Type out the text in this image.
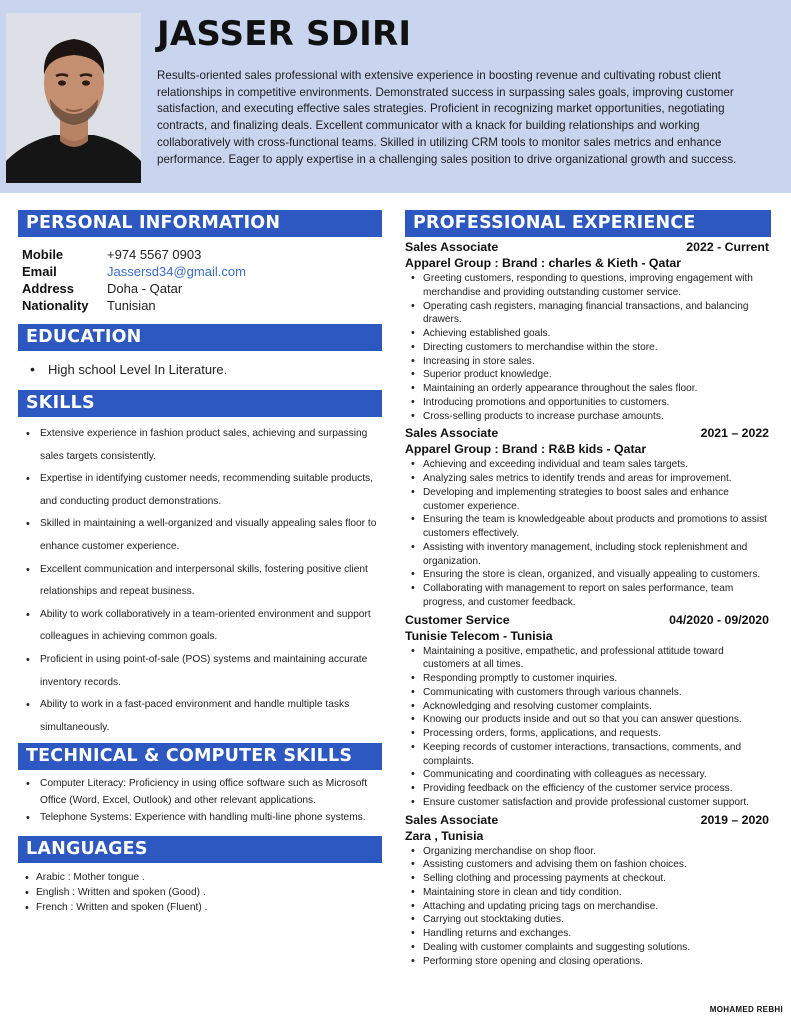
JASSER SDIRI
Results-oriented sales professional with extensive experience in boosting revenue and cultivating robust client relationships in competitive environments. Demonstrated success in surpassing sales goals, improving customer satisfaction, and executing effective sales strategies. Proficient in recognizing market opportunities, negotiating contracts, and finalizing deals. Excellent communicator with a knack for building relationships and working collaboratively with cross-functional teams. Skilled in utilizing CRM tools to monitor sales metrics and enhance performance. Eager to apply expertise in a challenging sales position to drive organizational growth and success.
PERSONAL INFORMATION
Mobile	+974 5567 0903
Email	Jassersd34@gmail.com
Address	Doha - Qatar
Nationality	Tunisian
EDUCATION
• High school Level In Literature.
SKILLS
• Extensive experience in fashion product sales, achieving and surpassing sales targets consistently.
• Expertise in identifying customer needs, recommending suitable products, and conducting product demonstrations.
• Skilled in maintaining a well-organized and visually appealing sales floor to enhance customer experience.
• Excellent communication and interpersonal skills, fostering positive client relationships and repeat business.
• Ability to work collaboratively in a team-oriented environment and support colleagues in achieving common goals.
• Proficient in using point-of-sale (POS) systems and maintaining accurate inventory records.
• Ability to work in a fast-paced environment and handle multiple tasks simultaneously.
TECHNICAL & COMPUTER SKILLS
• Computer Literacy: Proficiency in using office software such as Microsoft Office (Word, Excel, Outlook) and other relevant applications.
• Telephone Systems: Experience with handling multi-line phone systems.
LANGUAGES
• Arabic : Mother tongue .
• English : Written and spoken (Good) .
• French : Written and spoken (Fluent) .
PROFESSIONAL EXPERIENCE
Sales Associate	2022 - Current
Apparel Group : Brand : charles & Kieth - Qatar
• Greeting customers, responding to questions, improving engagement with merchandise and providing outstanding customer service.
• Operating cash registers, managing financial transactions, and balancing drawers.
• Achieving established goals.
• Directing customers to merchandise within the store.
• Increasing in store sales.
• Superior product knowledge.
• Maintaining an orderly appearance throughout the sales floor.
• Introducing promotions and opportunities to customers.
• Cross-selling products to increase purchase amounts.
Sales Associate	2021 – 2022
Apparel Group : Brand : R&B kids - Qatar
• Achieving and exceeding individual and team sales targets.
• Analyzing sales metrics to identify trends and areas for improvement.
• Developing and implementing strategies to boost sales and enhance customer experience.
• Ensuring the team is knowledgeable about products and promotions to assist customers effectively.
• Assisting with inventory management, including stock replenishment and organization.
• Ensuring the store is clean, organized, and visually appealing to customers.
• Collaborating with management to report on sales performance, team progress, and customer feedback.
Customer Service	04/2020 - 09/2020
Tunisie Telecom - Tunisia
• Maintaining a positive, empathetic, and professional attitude toward customers at all times.
• Responding promptly to customer inquiries.
• Communicating with customers through various channels.
• Acknowledging and resolving customer complaints.
• Knowing our products inside and out so that you can answer questions.
• Processing orders, forms, applications, and requests.
• Keeping records of customer interactions, transactions, comments, and complaints.
• Communicating and coordinating with colleagues as necessary.
• Providing feedback on the efficiency of the customer service process.
• Ensure customer satisfaction and provide professional customer support.
Sales Associate	2019 – 2020
Zara , Tunisia
• Organizing merchandise on shop floor.
• Assisting customers and advising them on fashion choices.
• Selling clothing and processing payments at checkout.
• Maintaining store in clean and tidy condition.
• Attaching and updating pricing tags on merchandise.
• Carrying out stocktaking duties.
• Handling returns and exchanges.
• Dealing with customer complaints and suggesting solutions.
• Performing store opening and closing operations.
MOHAMED REBHI
